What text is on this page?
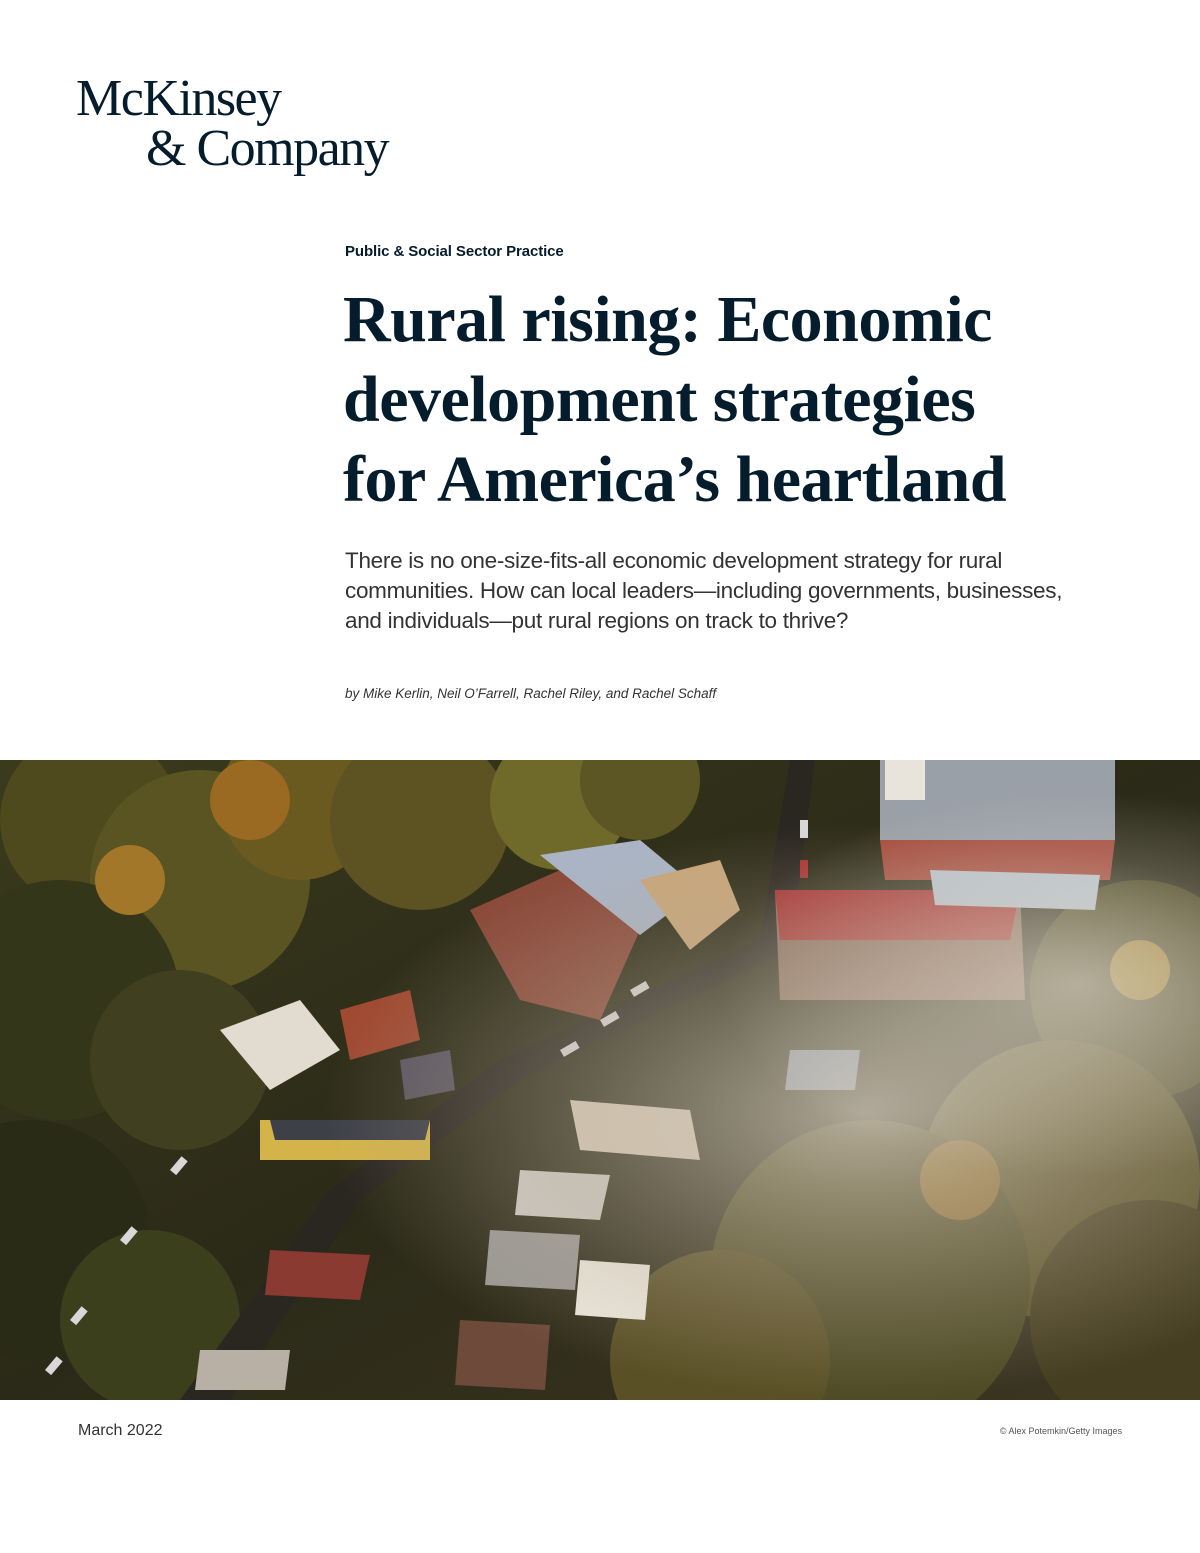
McKinsey
& Company
Public & Social Sector Practice
Rural rising: Economic
development strategies
for America’s heartland

There is no one-size-fits-all economic development strategy for rural communities. How can local leaders—including governments, businesses, and individuals—put rural regions on track to thrive?

by Mike Kerlin, Neil O’Farrell, Rachel Riley, and Rachel Schaff
© Alex Potemkin/Getty Images
March 2022
